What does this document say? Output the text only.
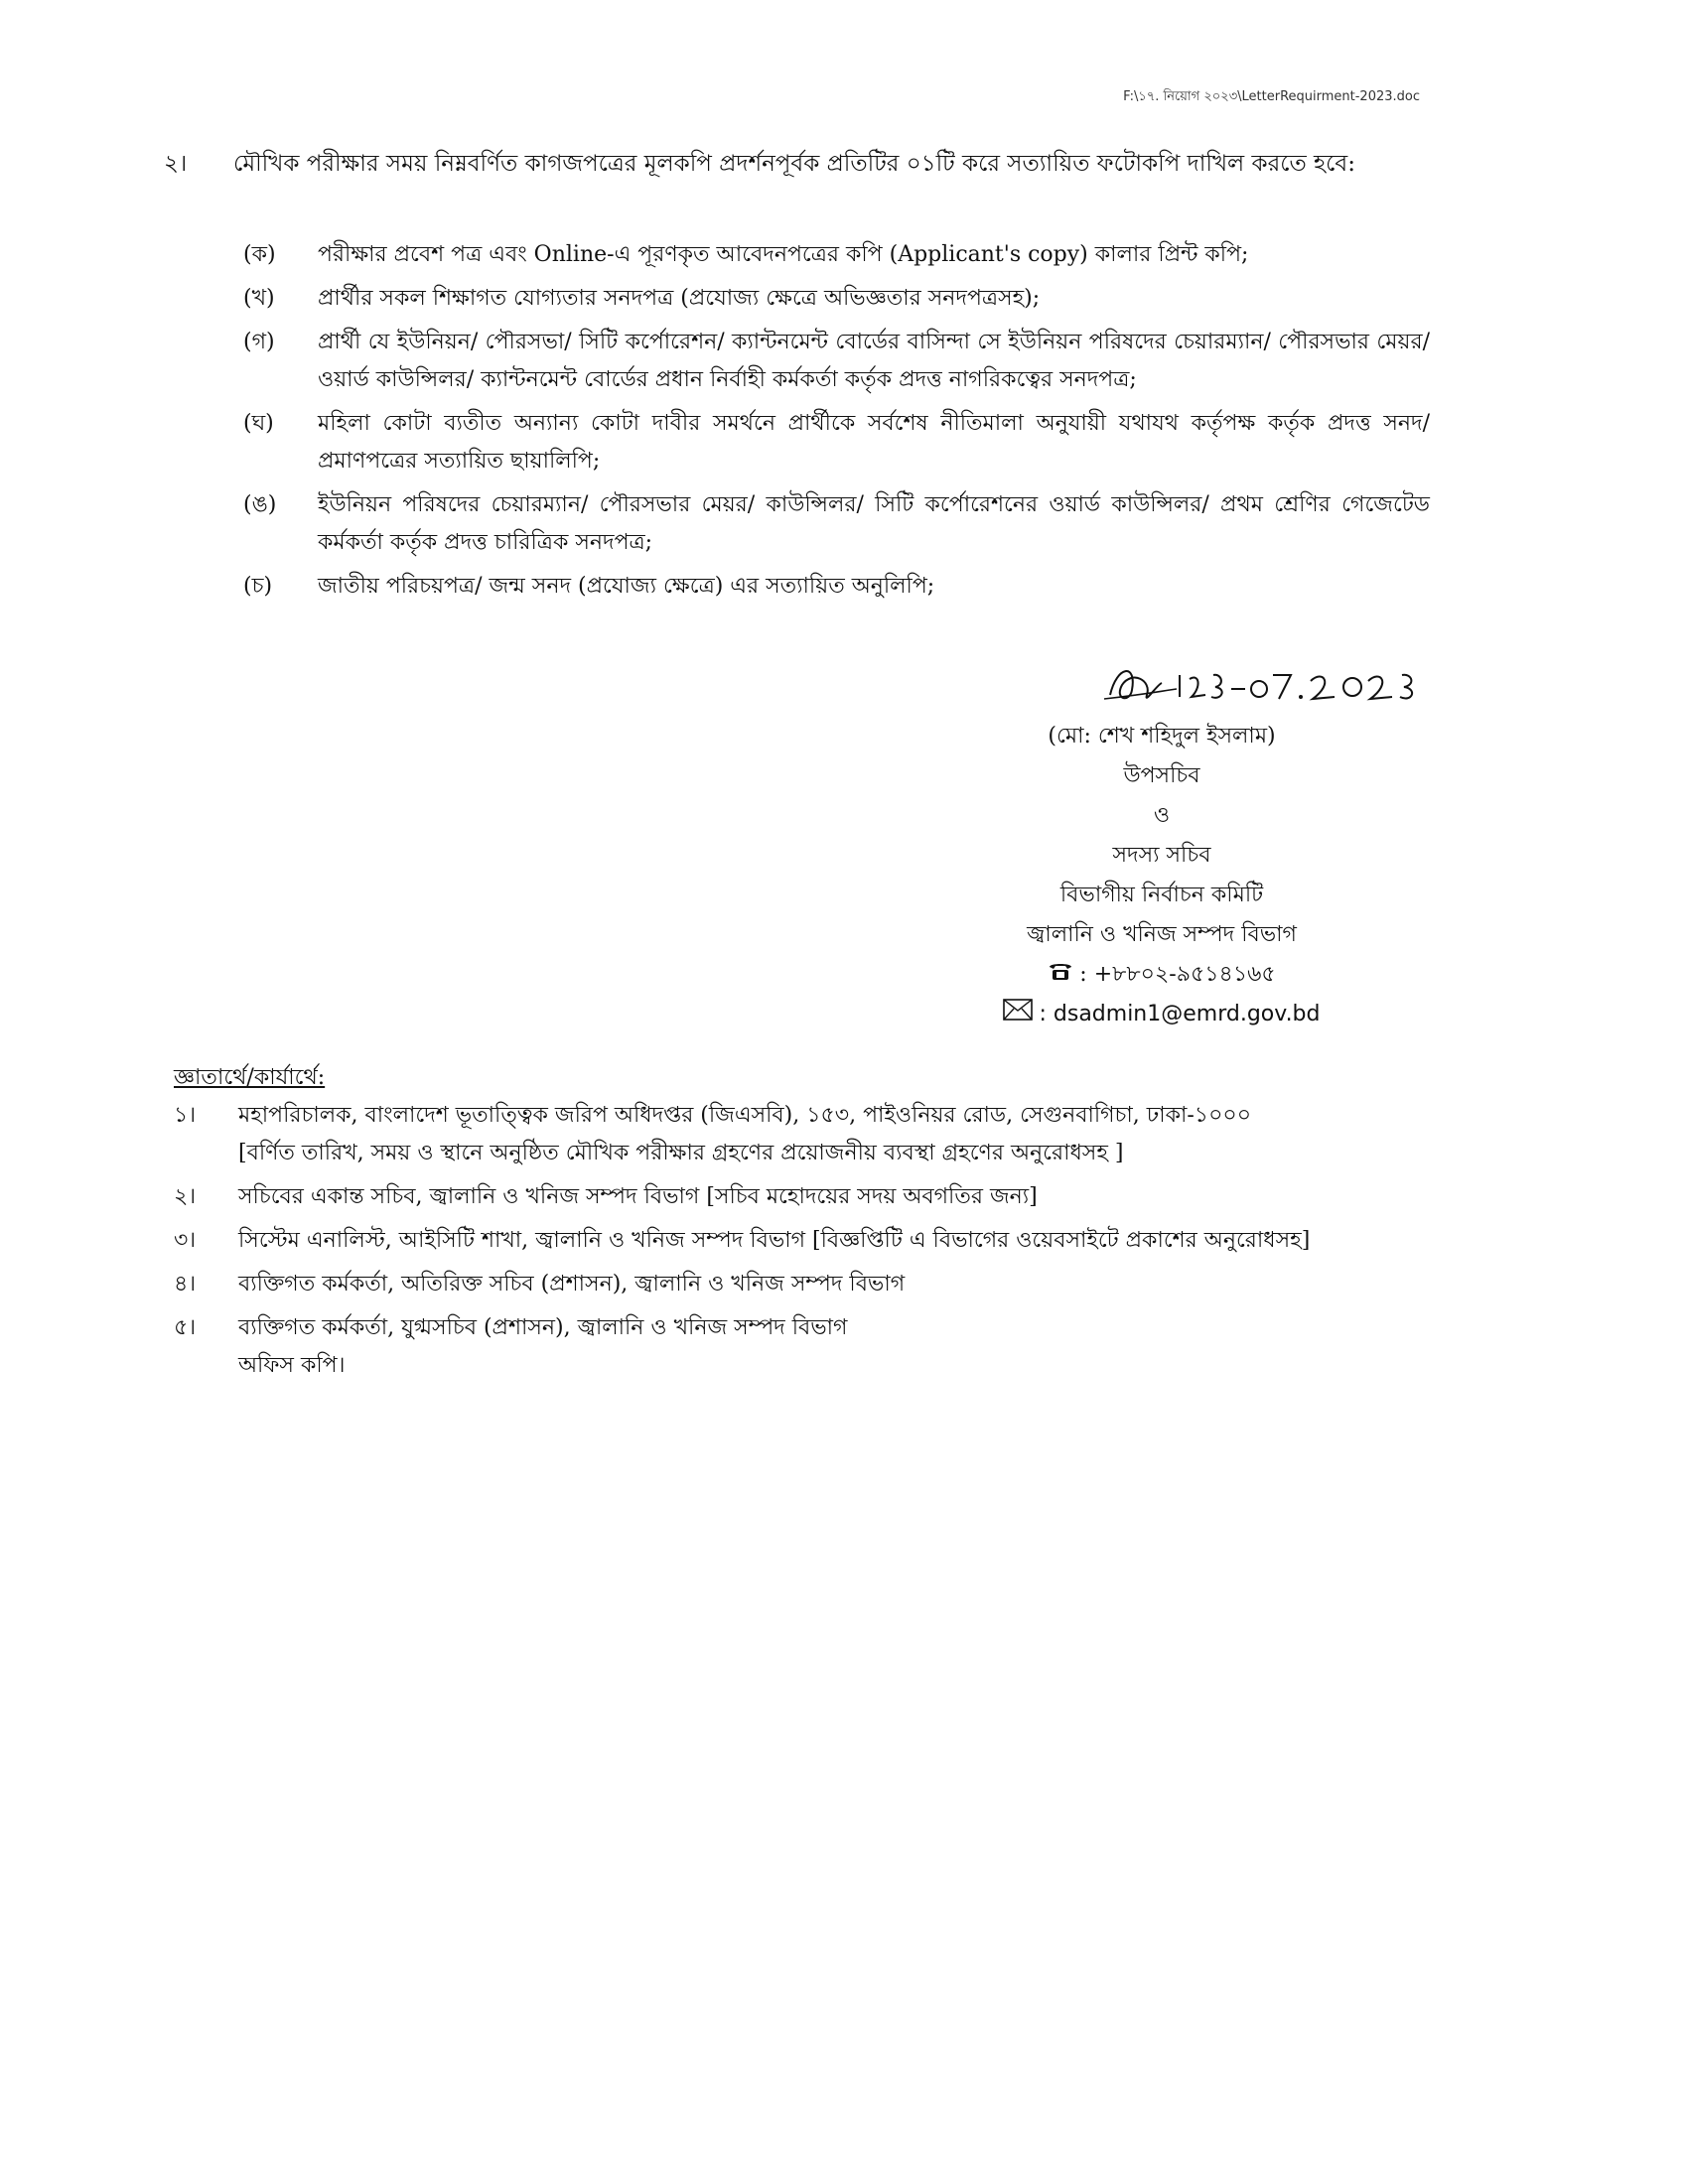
F:\১৭. নিয়োগ ২০২৩\LetterRequirment-2023.doc
২। মৌখিক পরীক্ষার সময় নিম্নবর্ণিত কাগজপত্রের মূলকপি প্রদর্শনপূর্বক প্রতিটির ০১টি করে সত্যায়িত ফটোকপি দাখিল করতে হবে:
(ক)	পরীক্ষার প্রবেশ পত্র এবং Online-এ পূরণকৃত আবেদনপত্রের কপি (Applicant's copy) কালার প্রিন্ট কপি;
(খ)	প্রার্থীর সকল শিক্ষাগত যোগ্যতার সনদপত্র (প্রযোজ্য ক্ষেত্রে অভিজ্ঞতার সনদপত্রসহ);
(গ)	প্রার্থী যে ইউনিয়ন/ পৌরসভা/ সিটি কর্পোরেশন/ ক্যান্টনমেন্ট বোর্ডের বাসিন্দা সে ইউনিয়ন পরিষদের চেয়ারম্যান/ পৌরসভার মেয়র/ ওয়ার্ড কাউন্সিলর/ ক্যান্টনমেন্ট বোর্ডের প্রধান নির্বাহী কর্মকর্তা কর্তৃক প্রদত্ত নাগরিকত্বের সনদপত্র;
(ঘ)	মহিলা কোটা ব্যতীত অন্যান্য কোটা দাবীর সমর্থনে প্রার্থীকে সর্বশেষ নীতিমালা অনুযায়ী যথাযথ কর্তৃপক্ষ কর্তৃক প্রদত্ত সনদ/প্রমাণপত্রের সত্যায়িত ছায়ালিপি;
(ঙ)	ইউনিয়ন পরিষদের চেয়ারম্যান/ পৌরসভার মেয়র/ কাউন্সিলর/ সিটি কর্পোরেশনের ওয়ার্ড কাউন্সিলর/ প্রথম শ্রেণির গেজেটেড কর্মকর্তা কর্তৃক প্রদত্ত চারিত্রিক সনদপত্র;
(চ)	জাতীয় পরিচয়পত্র/ জন্ম সনদ (প্রযোজ্য ক্ষেত্রে) এর সত্যায়িত অনুলিপি;
(মো: শেখ শহিদুল ইসলাম)
উপসচিব
ও
সদস্য সচিব
বিভাগীয় নির্বাচন কমিটি
জ্বালানি ও খনিজ সম্পদ বিভাগ
: +৮৮০২-৯৫১৪১৬৫
: dsadmin1@emrd.gov.bd
জ্ঞাতার্থে/কার্যার্থে:
১।	মহাপরিচালক, বাংলাদেশ ভূতাত্ত্বিক জরিপ অধিদপ্তর (জিএসবি), ১৫৩, পাইওনিয়র রোড, সেগুনবাগিচা, ঢাকা-১০০০
[বর্ণিত তারিখ, সময় ও স্থানে অনুষ্ঠিত মৌখিক পরীক্ষার গ্রহণের প্রয়োজনীয় ব্যবস্থা গ্রহণের অনুরোধসহ ]
২।	সচিবের একান্ত সচিব, জ্বালানি ও খনিজ সম্পদ বিভাগ [সচিব মহোদয়ের সদয় অবগতির জন্য]
৩।	সিস্টেম এনালিস্ট, আইসিটি শাখা, জ্বালানি ও খনিজ সম্পদ বিভাগ [বিজ্ঞপ্তিটি এ বিভাগের ওয়েবসাইটে প্রকাশের অনুরোধসহ]
৪।	ব্যক্তিগত কর্মকর্তা, অতিরিক্ত সচিব (প্রশাসন), জ্বালানি ও খনিজ সম্পদ বিভাগ
৫।	ব্যক্তিগত কর্মকর্তা, যুগ্মসচিব (প্রশাসন), জ্বালানি ও খনিজ সম্পদ বিভাগ
অফিস কপি।
